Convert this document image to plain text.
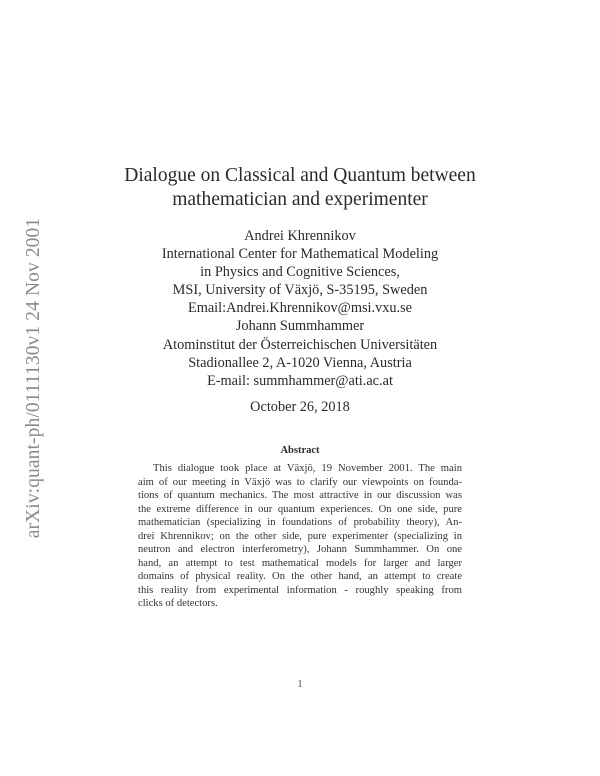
arXiv:quant-ph/0111130v1 24 Nov 2001
Dialogue on Classical and Quantum between
mathematician and experimenter
Andrei Khrennikov
International Center for Mathematical Modeling
in Physics and Cognitive Sciences,
MSI, University of Växjö, S-35195, Sweden
Email:Andrei.Khrennikov@msi.vxu.se
Johann Summhammer
Atominstitut der Österreichischen Universitäten
Stadionallee 2, A-1020 Vienna, Austria
E-mail: summhammer@ati.ac.at
October 26, 2018
Abstract
This dialogue took place at Växjö, 19 November 2001. The main
aim of our meeting in Växjö was to clarify our viewpoints on founda-
tions of quantum mechanics. The most attractive in our discussion was
the extreme difference in our quantum experiences. On one side, pure
mathematician (specializing in foundations of probability theory), An-
drei Khrennikov; on the other side, pure experimenter (specializing in
neutron and electron interferometry), Johann Summhammer. On one
hand, an attempt to test mathematical models for larger and larger
domains of physical reality. On the other hand, an attempt to create
this reality from experimental information - roughly speaking from
clicks of detectors.
1
